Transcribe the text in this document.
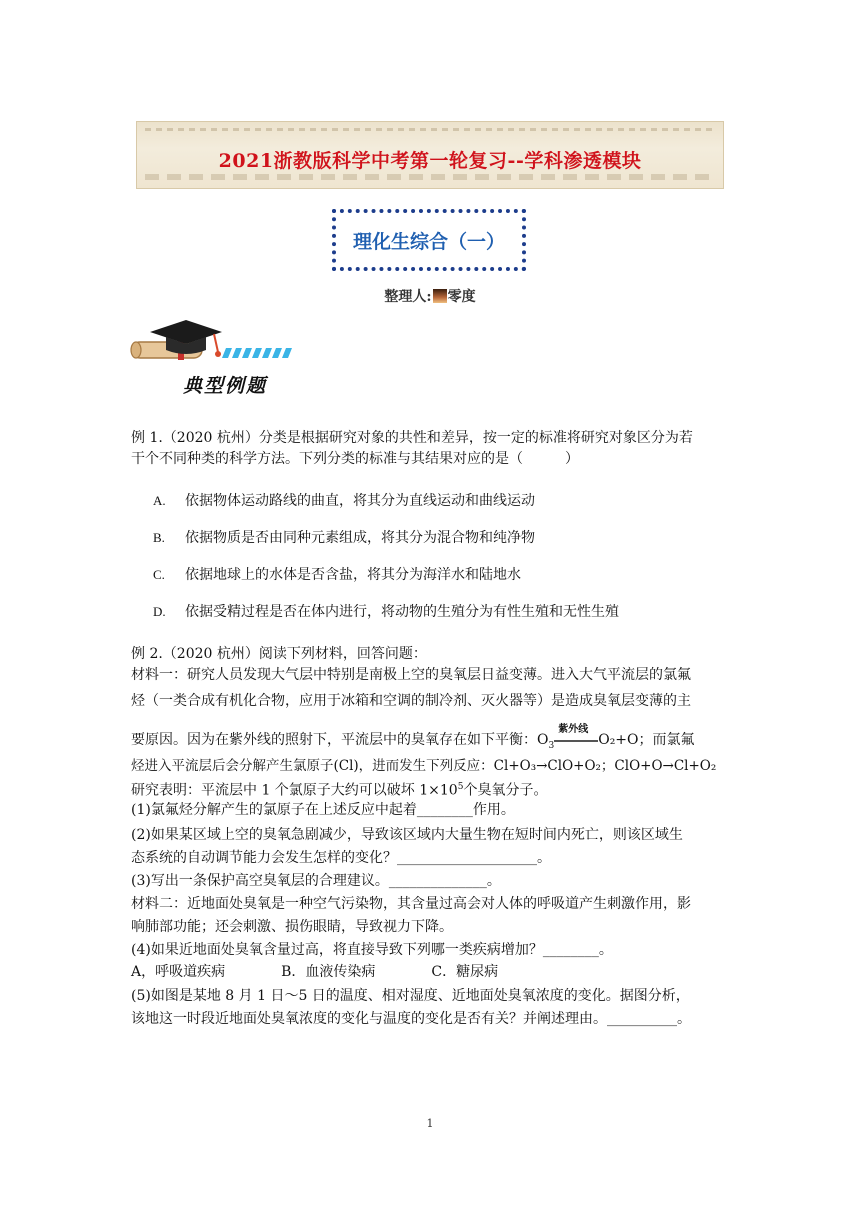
2021浙教版科学中考第一轮复习--学科渗透模块
理化生综合（一）
整理人: 零度
典型例题
例 1.（2020 杭州）分类是根据研究对象的共性和差异，按一定的标准将研究对象区分为若
干个不同种类的科学方法。下列分类的标准与其结果对应的是（　　　）
A. 依据物体运动路线的曲直，将其分为直线运动和曲线运动
B. 依据物质是否由同种元素组成，将其分为混合物和纯净物
C. 依据地球上的水体是否含盐，将其分为海洋水和陆地水
D. 依据受精过程是否在体内进行，将动物的生殖分为有性生殖和无性生殖
例 2.（2020 杭州）阅读下列材料，回答问题：
材料一：研究人员发现大气层中特别是南极上空的臭氧层日益变薄。进入大气平流层的氯氟
烃（一类合成有机化合物，应用于冰箱和空调的制冷剂、灭火器等）是造成臭氧层变薄的主
要原因。因为在紫外线的照射下，平流层中的臭氧存在如下平衡：$O_3$
紫外线
O₂+O；而氯氟
烃进入平流层后会分解产生氯原子(Cl)，进而发生下列反应：Cl+O₃→ClO+O₂；ClO+O→Cl+O₂
研究表明：平流层中 1 个氯原子大约可以破坏 $1\times 10^5$个臭氧分子。
(1)氯氟烃分解产生的氯原子在上述反应中起着________作用。
(2)如果某区域上空的臭氧急剧减少，导致该区域内大量生物在短时间内死亡，则该区域生
态系统的自动调节能力会发生怎样的变化？____________________。
(3)写出一条保护高空臭氧层的合理建议。______________。
材料二：近地面处臭氧是一种空气污染物，其含量过高会对人体的呼吸道产生刺激作用，影
响肺部功能；还会刺激、损伤眼睛，导致视力下降。
(4)如果近地面处臭氧含量过高，将直接导致下列哪一类疾病增加？________。
A，呼吸道疾病　　　　B．血液传染病　　　　C．糖尿病
(5)如图是某地 8 月 1 日～5 日的温度、相对湿度、近地面处臭氧浓度的变化。据图分析，
该地这一时段近地面处臭氧浓度的变化与温度的变化是否有关？并阐述理由。__________。
1
